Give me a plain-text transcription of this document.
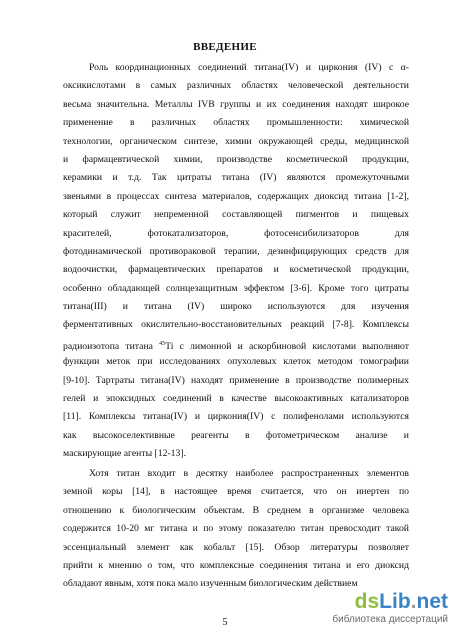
ВВЕДЕНИЕ
Роль координационных соединений титана(IV) и циркония (IV) с α-
оксикислотами в самых различных областях человеческой деятельности
весьма значительна. Металлы IVB группы и их соединения находят широкое
применение в различных областях промышленности: химической
технологии, органическом синтезе, химии окружающей среды, медицинской
и фармацевтической химии, производстве косметической продукции,
керамики и т.д. Так цитраты титана (IV) являются промежуточными
звеньями в процессах синтеза материалов, содержащих диоксид титана [1-2],
который служит непременной составляющей пигментов и пищевых
красителей, фотокатализаторов, фотосенсибилизаторов для
фотодинамической противораковой терапии, дезинфицирующих средств для
водоочистки, фармацевтических препаратов и косметической продукции,
особенно обладающей солнцезащитным эффектом [3-6]. Кроме того цитраты
титана(III) и титана (IV) широко используются для изучения
ферментативных окислительно-восстановительных реакций [7-8]. Комплексы
радиоизотопа титана $^{45}$Ti с лимонной и аскорбиновой кислотами выполняют
функции меток при исследованиях опухолевых клеток методом томографии
[9-10]. Тартраты титана(IV) находят применение в производстве полимерных
гелей и эпоксидных соединений в качестве высокоактивных катализаторов
[11]. Комплексы титана(IV) и циркония(IV) с полифенолами используются
как высокоселективные реагенты в фотометрическом анализе и
маскирующие агенты [12-13].
Хотя титан входит в десятку наиболее распространенных элементов
земной коры [14], в настоящее время считается, что он инертен по
отношению к биологическим объектам. В среднем в организме человека
содержится 10-20 мг титана и по этому показателю титан превосходит такой
эссенциальный элемент как кобальт [15]. Обзор литературы позволяет
прийти к мнению о том, что комплексные соединения титана и его диоксид
обладают явным, хотя пока мало изученным биологическим действием
5
dsLib.net
библиотека диссертаций
